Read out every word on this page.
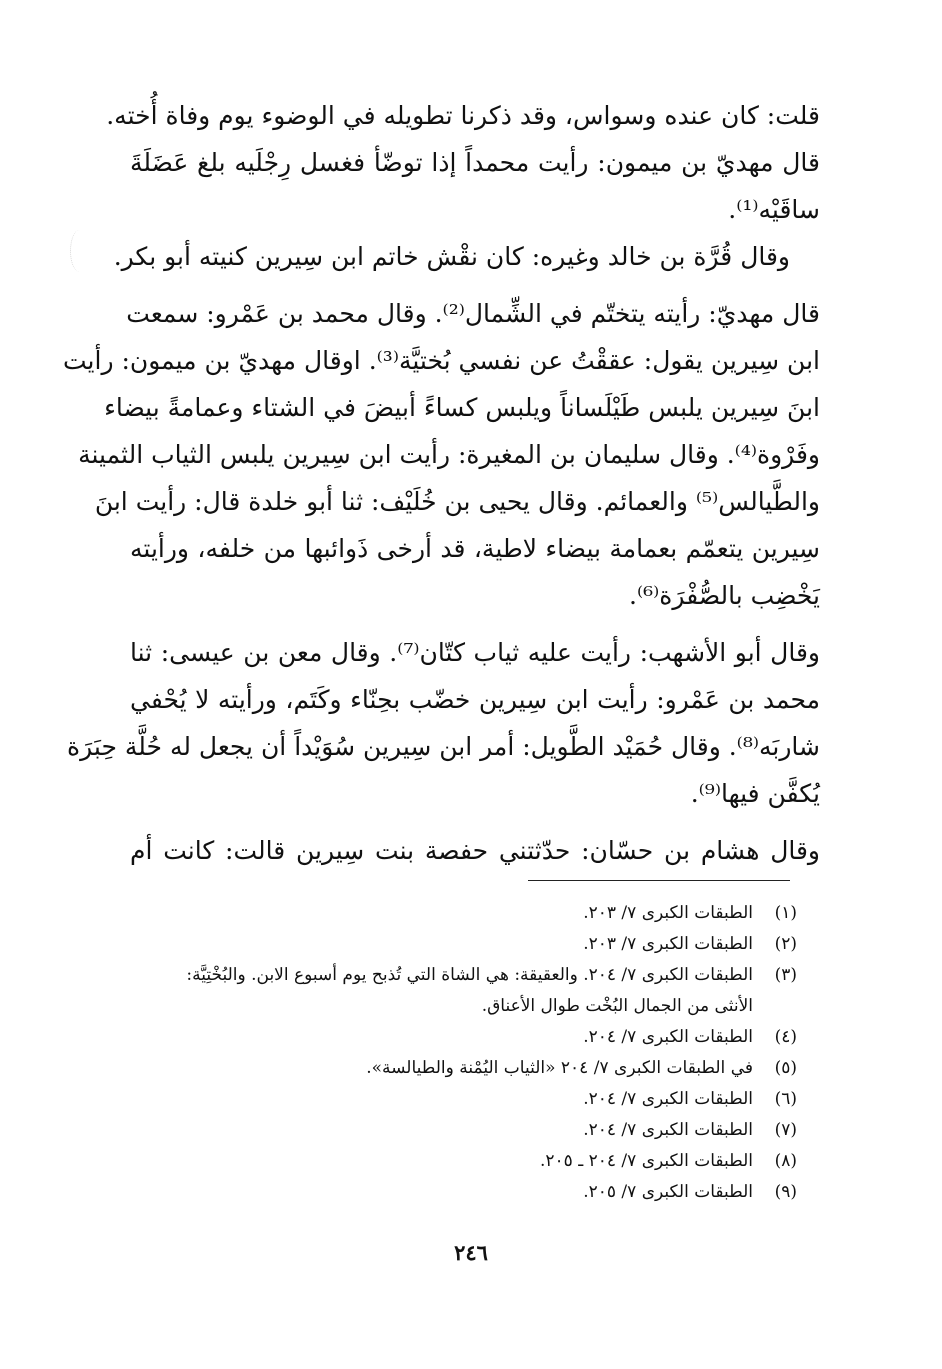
قلت: كان عنده وسواس، وقد ذكرنا تطويله في الوضوء يوم وفاة أُخته.
قال مهديّ بن ميمون: رأيت محمداً إذا توضّأ فغسل رِجْلَيه بلغ عَضَلَةَ
ساقَيْه⁽¹⁾.
وقال قُرَّة بن خالد وغيره: كان نقْش خاتم ابن سِيرين كنيته أبو بكر.
قال مهديّ: رأيته يتختّم في الشِّمال⁽²⁾. وقال محمد بن عَمْرو: سمعت
ابن سِيرين يقول: عققْتُ عن نفسي بُختيَّة⁽³⁾. اوقال مهديّ بن ميمون: رأيت
ابنَ سِيرين يلبس طَيْلَساناً ويلبس كساءً أبيضَ في الشتاء وعمامةً بيضاء
وفَرْوة⁽⁴⁾. وقال سليمان بن المغيرة: رأيت ابن سِيرين يلبس الثياب الثمينة
والطَّيالس⁽⁵⁾ والعمائم. وقال يحيى بن خُلَيْف: ثنا أبو خلدة قال: رأيت ابنَ
سِيرين يتعمّم بعمامة بيضاء لاطية، قد أرخى ذَوائبها من خلفه، ورأيته
يَخْضِب بالصُّفْرَة⁽⁶⁾.
وقال أبو الأشهب: رأيت عليه ثياب كتّان⁽⁷⁾. وقال معن بن عيسى: ثنا
محمد بن عَمْرو: رأيت ابن سِيرين خضّب بحِنّاء وكَتَم، ورأيته لا يُحْفي
شاربَه⁽⁸⁾. وقال حُمَيْد الطَّويل: أمر ابن سِيرين سُوَيْداً أن يجعل له حُلَّة حِبَرَة
يُكفَّن فيها⁽⁹⁾.
وقال هشام بن حسّان: حدّثتني حفصة بنت سِيرين قالت: كانت أم
(١)
الطبقات الكبرى ٧/ ٢٠٣.
(٢)
الطبقات الكبرى ٧/ ٢٠٣.
(٣)
الطبقات الكبرى ٧/ ٢٠٤. والعقيقة: هي الشاة التي تُذبح يوم أسبوع الابن. والبُخْتِيَّة:
الأنثى من الجمال البُخْت طوال الأعناق.
(٤)
الطبقات الكبرى ٧/ ٢٠٤.
(٥)
في الطبقات الكبرى ٧/ ٢٠٤ «الثياب اليُمْنة والطيالسة».
(٦)
الطبقات الكبرى ٧/ ٢٠٤.
(٧)
الطبقات الكبرى ٧/ ٢٠٤.
(٨)
الطبقات الكبرى ٧/ ٢٠٤ ـ ٢٠٥.
(٩)
الطبقات الكبرى ٧/ ٢٠٥.
٢٤٦
